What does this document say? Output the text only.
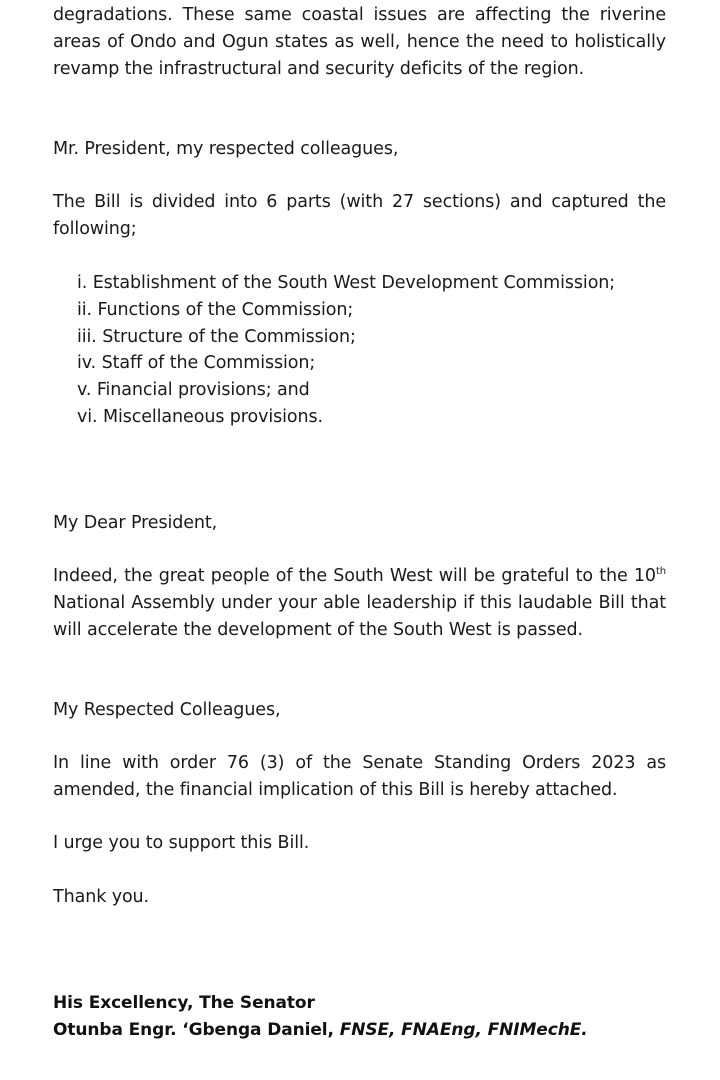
degradations. These same coastal issues are affecting the riverine areas of Ondo and Ogun states as well, hence the need to holistically revamp the infrastructural and security deficits of the region.

Mr. President, my respected colleagues,

The Bill is divided into 6 parts (with 27 sections) and captured the following;

i. Establishment of the South West Development Commission;
ii. Functions of the Commission;
iii. Structure of the Commission;
iv. Staff of the Commission;
v. Financial provisions; and
vi. Miscellaneous provisions.

My Dear President,

Indeed, the great people of the South West will be grateful to the 10th National Assembly under your able leadership if this laudable Bill that will accelerate the development of the South West is passed.

My Respected Colleagues,

In line with order 76 (3) of the Senate Standing Orders 2023 as amended, the financial implication of this Bill is hereby attached.

I urge you to support this Bill.

Thank you.

His Excellency, The Senator
Otunba Engr. ‘Gbenga Daniel, FNSE, FNAEng, FNIMechE.
